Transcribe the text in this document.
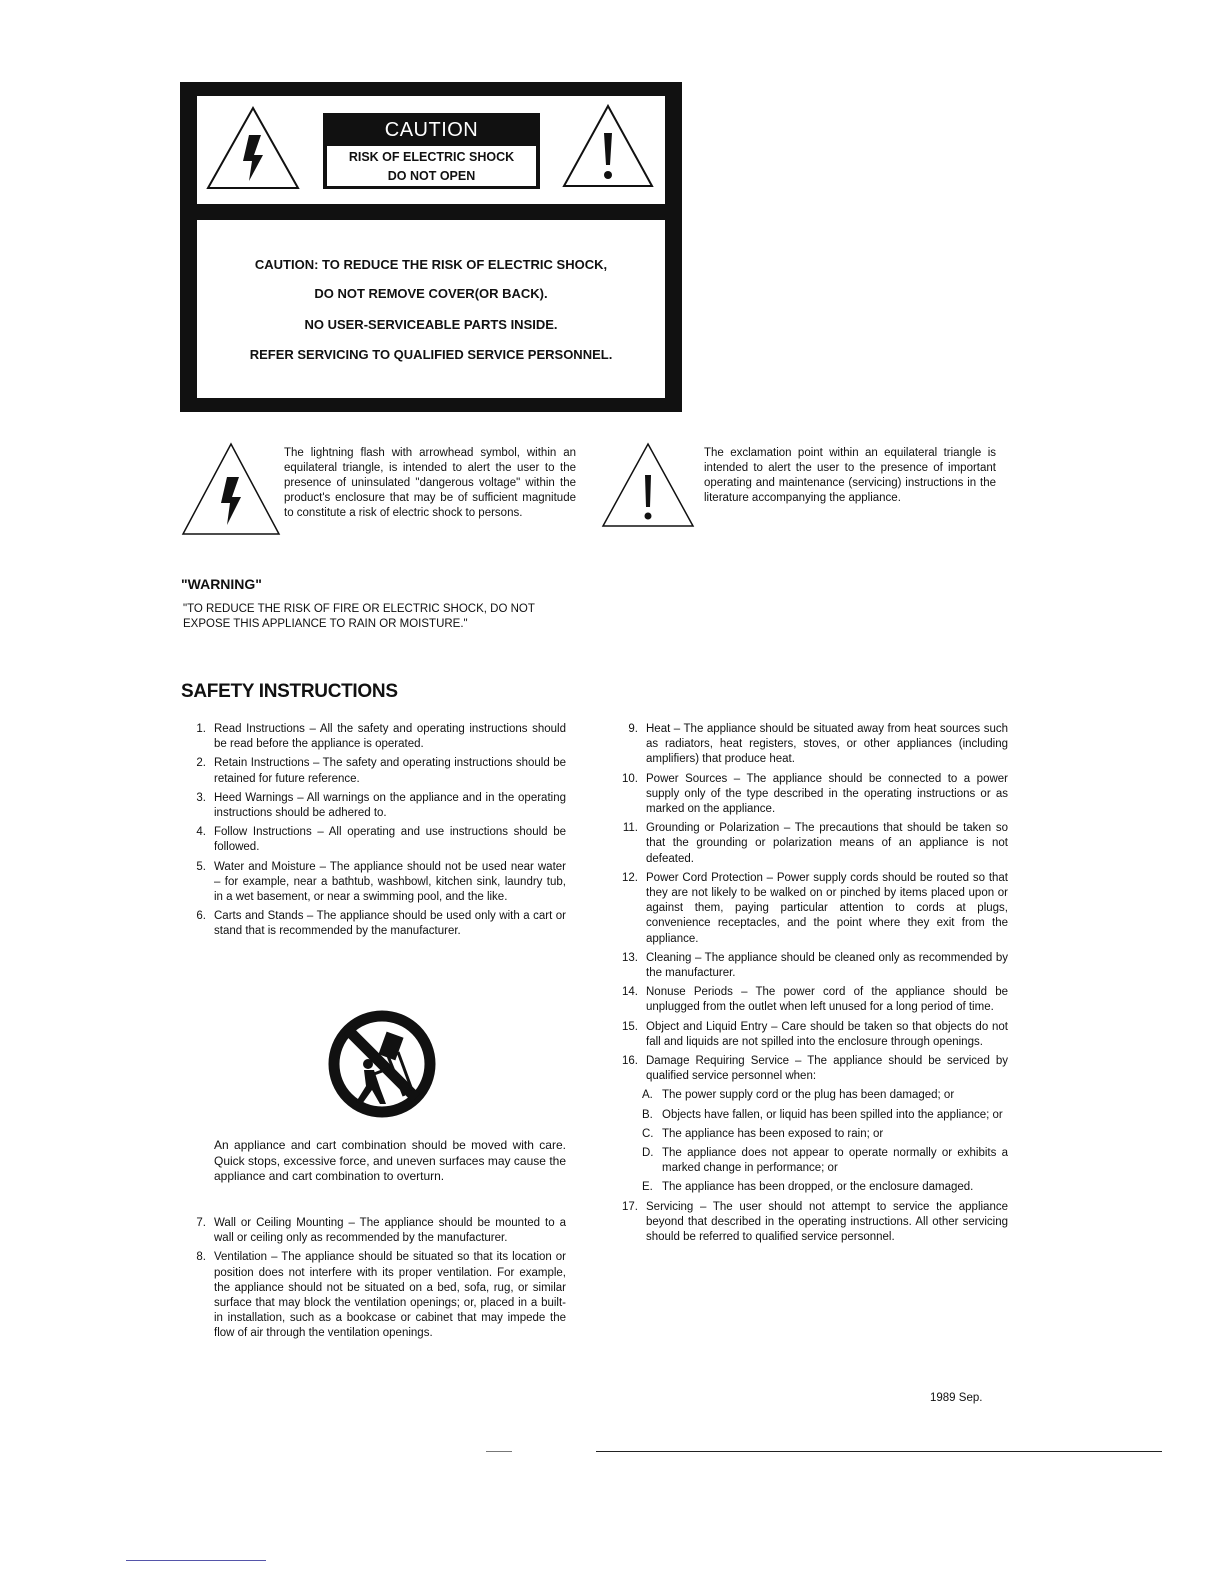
CAUTION
RISK OF ELECTRIC SHOCK
DO NOT OPEN
CAUTION: TO REDUCE THE RISK OF ELECTRIC SHOCK,
DO NOT REMOVE COVER(OR BACK).
NO USER-SERVICEABLE PARTS INSIDE.
REFER SERVICING TO QUALIFIED SERVICE PERSONNEL.
The lightning flash with arrowhead symbol, within an equilateral triangle, is intended to alert the user to the presence of uninsulated "dangerous voltage" within the product's enclosure that may be of sufficient magnitude to constitute a risk of electric shock to persons.
The exclamation point within an equilateral triangle is intended to alert the user to the presence of important operating and maintenance (servicing) instructions in the literature accompanying the appliance.
"WARNING"
"TO REDUCE THE RISK OF FIRE OR ELECTRIC SHOCK, DO NOT EXPOSE THIS APPLIANCE TO RAIN OR MOISTURE."
SAFETY INSTRUCTIONS
1. Read Instructions – All the safety and operating instructions should be read before the appliance is operated.
2. Retain Instructions – The safety and operating instructions should be retained for future reference.
3. Heed Warnings – All warnings on the appliance and in the operating instructions should be adhered to.
4. Follow Instructions – All operating and use instructions should be followed.
5. Water and Moisture – The appliance should not be used near water – for example, near a bathtub, washbowl, kitchen sink, laundry tub, in a wet basement, or near a swimming pool, and the like.
6. Carts and Stands – The appliance should be used only with a cart or stand that is recommended by the manufacturer.
An appliance and cart combination should be moved with care. Quick stops, excessive force, and uneven surfaces may cause the appliance and cart combination to overturn.
7. Wall or Ceiling Mounting – The appliance should be mounted to a wall or ceiling only as recommended by the manufacturer.
8. Ventilation – The appliance should be situated so that its location or position does not interfere with its proper ventilation. For example, the appliance should not be situated on a bed, sofa, rug, or similar surface that may block the ventilation openings; or, placed in a built-in installation, such as a bookcase or cabinet that may impede the flow of air through the ventilation openings.
9. Heat – The appliance should be situated away from heat sources such as radiators, heat registers, stoves, or other appliances (including amplifiers) that produce heat.
10. Power Sources – The appliance should be connected to a power supply only of the type described in the operating instructions or as marked on the appliance.
11. Grounding or Polarization – The precautions that should be taken so that the grounding or polarization means of an appliance is not defeated.
12. Power Cord Protection – Power supply cords should be routed so that they are not likely to be walked on or pinched by items placed upon or against them, paying particular attention to cords at plugs, convenience receptacles, and the point where they exit from the appliance.
13. Cleaning – The appliance should be cleaned only as recommended by the manufacturer.
14. Nonuse Periods – The power cord of the appliance should be unplugged from the outlet when left unused for a long period of time.
15. Object and Liquid Entry – Care should be taken so that objects do not fall and liquids are not spilled into the enclosure through openings.
16. Damage Requiring Service – The appliance should be serviced by qualified service personnel when:
A. The power supply cord or the plug has been damaged; or
B. Objects have fallen, or liquid has been spilled into the appliance; or
C. The appliance has been exposed to rain; or
D. The appliance does not appear to operate normally or exhibits a marked change in performance; or
E. The appliance has been dropped, or the enclosure damaged.
17. Servicing – The user should not attempt to service the appliance beyond that described in the operating instructions. All other servicing should be referred to qualified service personnel.
1989 Sep.
